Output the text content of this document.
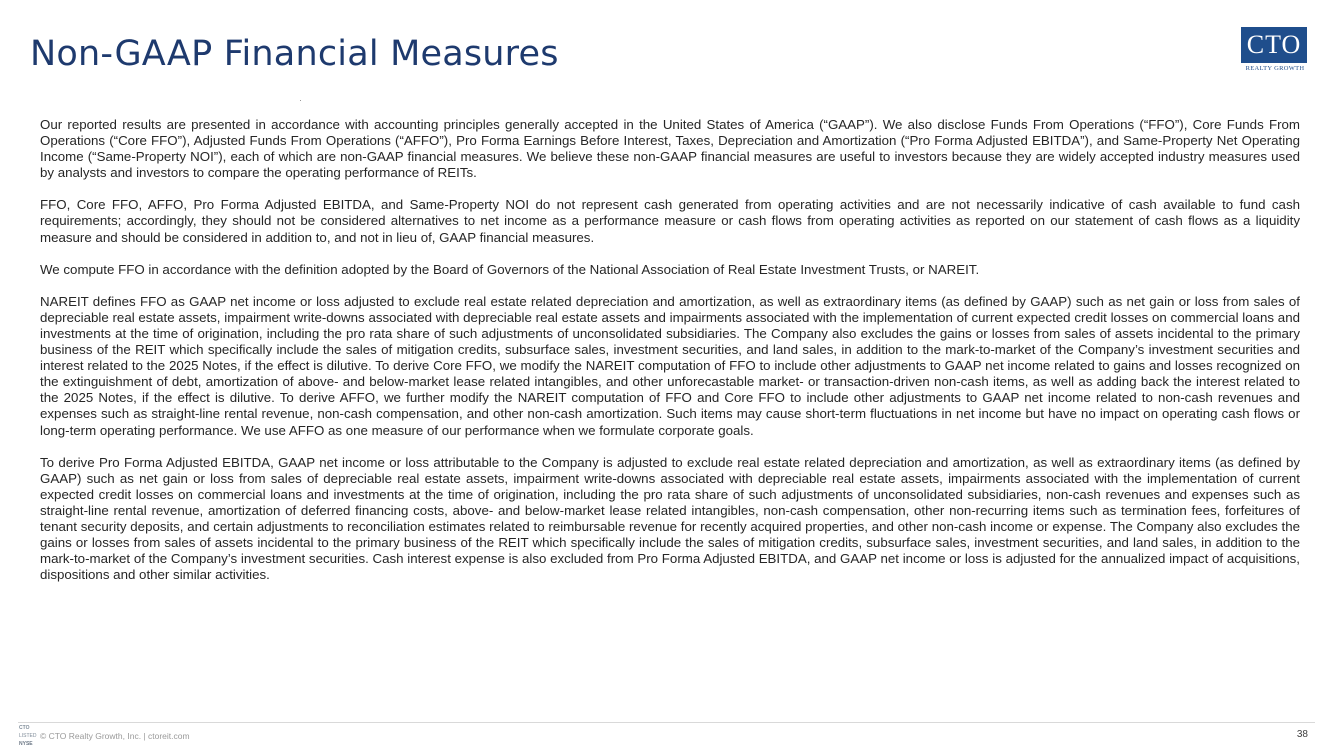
Non-GAAP Financial Measures	CTO
REALTY GROWTH

Our reported results are presented in accordance with accounting principles generally accepted in the United States of America (“GAAP”). We also disclose Funds From Operations (“FFO”), Core Funds From Operations (“Core FFO”), Adjusted Funds From Operations (“AFFO”), Pro Forma Earnings Before Interest, Taxes, Depreciation and Amortization (“Pro Forma Adjusted EBITDA”), and Same-Property Net Operating Income (“Same-Property NOI”), each of which are non-GAAP financial measures. We believe these non-GAAP financial measures are useful to investors because they are widely accepted industry measures used by analysts and investors to compare the operating performance of REITs.

FFO, Core FFO, AFFO, Pro Forma Adjusted EBITDA, and Same-Property NOI do not represent cash generated from operating activities and are not necessarily indicative of cash available to fund cash requirements; accordingly, they should not be considered alternatives to net income as a performance measure or cash flows from operating activities as reported on our statement of cash flows as a liquidity measure and should be considered in addition to, and not in lieu of, GAAP financial measures.

We compute FFO in accordance with the definition adopted by the Board of Governors of the National Association of Real Estate Investment Trusts, or NAREIT.

NAREIT defines FFO as GAAP net income or loss adjusted to exclude real estate related depreciation and amortization, as well as extraordinary items (as defined by GAAP) such as net gain or loss from sales of depreciable real estate assets, impairment write-downs associated with depreciable real estate assets and impairments associated with the implementation of current expected credit losses on commercial loans and investments at the time of origination, including the pro rata share of such adjustments of unconsolidated subsidiaries. The Company also excludes the gains or losses from sales of assets incidental to the primary business of the REIT which specifically include the sales of mitigation credits, subsurface sales, investment securities, and land sales, in addition to the mark-to-market of the Company’s investment securities and interest related to the 2025 Notes, if the effect is dilutive. To derive Core FFO, we modify the NAREIT computation of FFO to include other adjustments to GAAP net income related to gains and losses recognized on the extinguishment of debt, amortization of above- and below-market lease related intangibles, and other unforecastable market- or transaction-driven non-cash items, as well as adding back the interest related to the 2025 Notes, if the effect is dilutive. To derive AFFO, we further modify the NAREIT computation of FFO and Core FFO to include other adjustments to GAAP net income related to non-cash revenues and expenses such as straight-line rental revenue, non-cash compensation, and other non-cash amortization. Such items may cause short-term fluctuations in net income but have no impact on operating cash flows or long-term operating performance. We use AFFO as one measure of our performance when we formulate corporate goals.

To derive Pro Forma Adjusted EBITDA, GAAP net income or loss attributable to the Company is adjusted to exclude real estate related depreciation and amortization, as well as extraordinary items (as defined by GAAP) such as net gain or loss from sales of depreciable real estate assets, impairment write-downs associated with depreciable real estate assets, impairments associated with the implementation of current expected credit losses on commercial loans and investments at the time of origination, including the pro rata share of such adjustments of unconsolidated subsidiaries, non-cash revenues and expenses such as straight-line rental revenue, amortization of deferred financing costs, above- and below-market lease related intangibles, non-cash compensation, other non-recurring items such as termination fees, forfeitures of tenant security deposits, and certain adjustments to reconciliation estimates related to reimbursable revenue for recently acquired properties, and other non-cash income or expense. The Company also excludes the gains or losses from sales of assets incidental to the primary business of the REIT which specifically include the sales of mitigation credits, subsurface sales, investment securities, and land sales, in addition to the mark-to-market of the Company’s investment securities. Cash interest expense is also excluded from Pro Forma Adjusted EBITDA, and GAAP net income or loss is adjusted for the annualized impact of acquisitions, dispositions and other similar activities.

CTO
LISTED
NYSE
© CTO Realty Growth, Inc. | ctoreit.com	38
